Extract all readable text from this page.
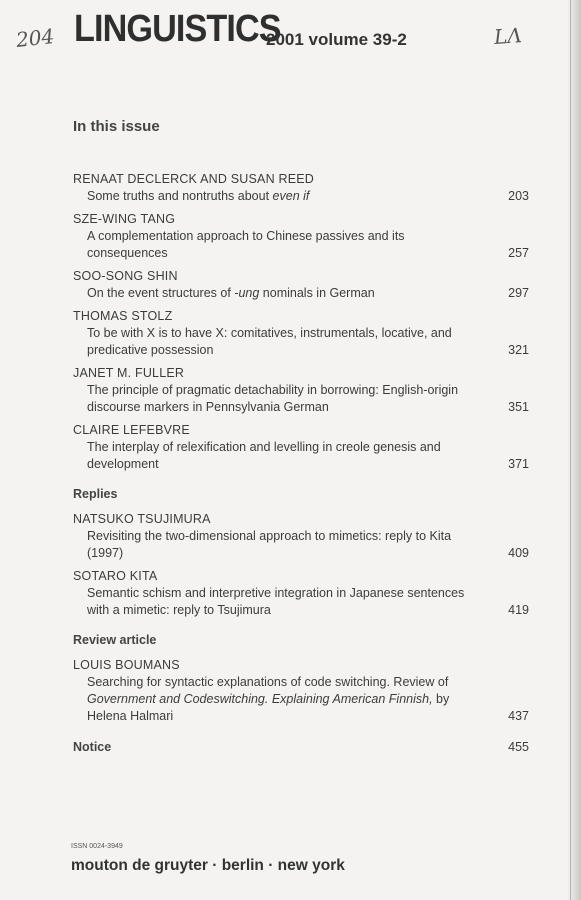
204	LΛ
LINGUISTICS
2001 volume 39-2
In this issue
RENAAT DECLERCK AND SUSAN REED
Some truths and nontruths about even if	203
SZE-WING TANG
A complementation approach to Chinese passives and its consequences	257
SOO-SONG SHIN
On the event structures of -ung nominals in German	297
THOMAS STOLZ
To be with X is to have X: comitatives, instrumentals, locative, and predicative possession	321
JANET M. FULLER
The principle of pragmatic detachability in borrowing: English-origin discourse markers in Pennsylvania German	351
CLAIRE LEFEBVRE
The interplay of relexification and levelling in creole genesis and development	371
Replies
NATSUKO TSUJIMURA
Revisiting the two-dimensional approach to mimetics: reply to Kita (1997)	409
SOTARO KITA
Semantic schism and interpretive integration in Japanese sentences with a mimetic: reply to Tsujimura	419
Review article
LOUIS BOUMANS
Searching for syntactic explanations of code switching. Review of Government and Codeswitching. Explaining American Finnish, by Helena Halmari	437
Notice	455
ISSN 0024-3949
mouton de gruyter · berlin · new york
